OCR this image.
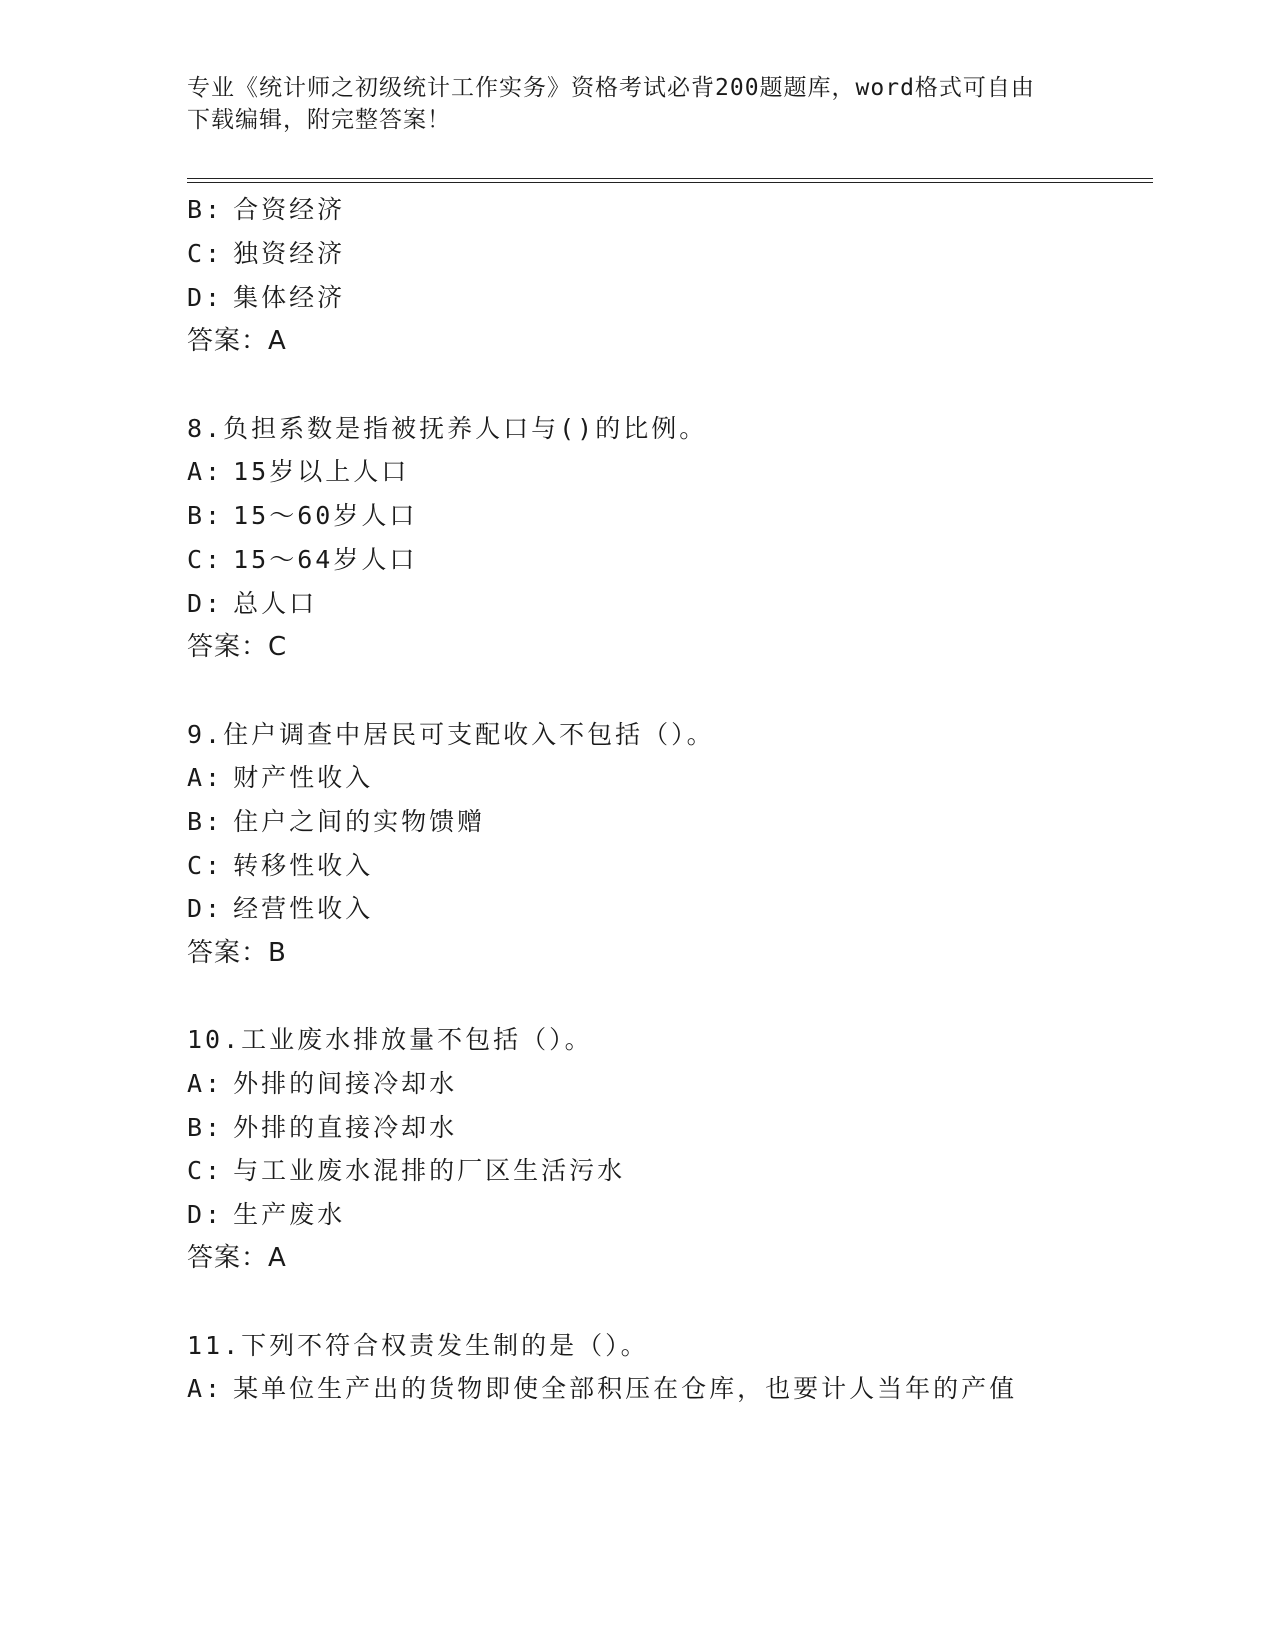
专业《统计师之初级统计工作实务》资格考试必背200题题库，word格式可自由
下载编辑，附完整答案！
B: 合资经济
C: 独资经济
D: 集体经济
答案：A
8.负担系数是指被抚养人口与()的比例。
A: 15岁以上人口
B: 15～60岁人口
C: 15～64岁人口
D: 总人口
答案：C
9.住户调查中居民可支配收入不包括（）。
A: 财产性收入
B: 住户之间的实物馈赠
C: 转移性收入
D: 经营性收入
答案：B
10.工业废水排放量不包括（）。
A: 外排的间接冷却水
B: 外排的直接冷却水
C: 与工业废水混排的厂区生活污水
D: 生产废水
答案：A
11.下列不符合权责发生制的是（）。
A: 某单位生产出的货物即使全部积压在仓库，也要计人当年的产值
